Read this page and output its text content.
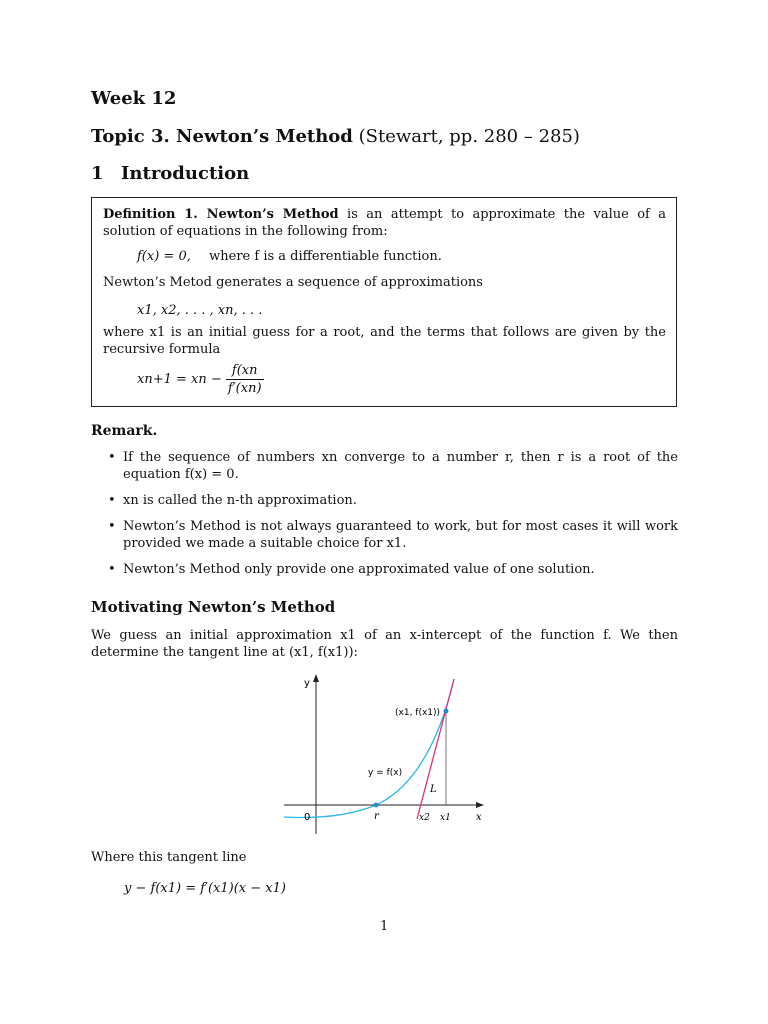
Week 12
Topic 3. Newton’s Method (Stewart, pp. 280 – 285)
1 Introduction
Definition 1. Newton’s Method is an attempt to approximate the value of a solution of equations in the following from:
f(x) = 0, where f is a differentiable function.
Newton’s Metod generates a sequence of approximations
x1, x2, . . . , xn, . . .
where x1 is an initial guess for a root, and the terms that follows are given by the recursive formula
xn+1 = xn − $\frac{f(xn}{f'(xn)}$
Remark.
• If the sequence of numbers xn converge to a number r, then r is a root of the equation f(x) = 0.
• xn is called the n-th approximation.
• Newton’s Method is not always guaranteed to work, but for most cases it will work provided we made a suitable choice for x1.
• Newton’s Method only provide one approximated value of one solution.
Motivating Newton’s Method
We guess an initial approximation x1 of an x-intercept of the function f. We then determine the tangent line at (x1, f(x1)):
y
x
0
(x1, f(x1))
y = f(x)
L
r	x2 x1
Where this tangent line
y − f(x1) = f′(x1)(x − x1)
1
